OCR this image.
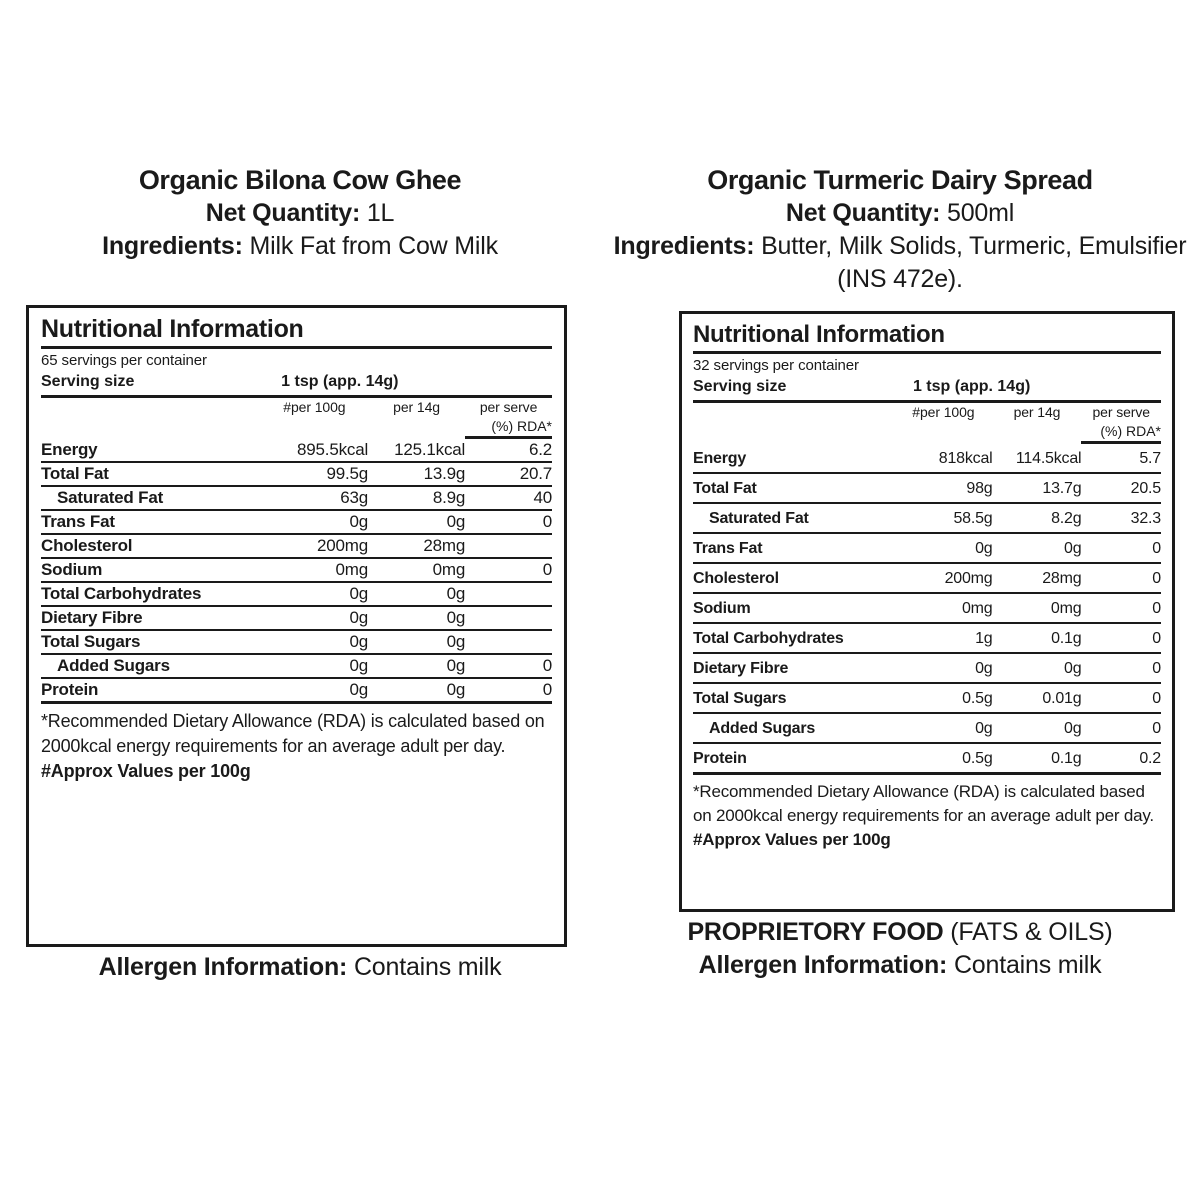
Organic Bilona Cow Ghee
Net Quantity: 1L
Ingredients: Milk Fat from Cow Milk
Nutritional Information
65 servings per container
Serving size	1 tsp (app. 14g)
	#per 100g	per 14g	per serve
			(%) RDA*
Energy	895.5kcal	125.1kcal	6.2
Total Fat	99.5g	13.9g	20.7
Saturated Fat	63g	8.9g	40
Trans Fat	0g	0g	0
Cholesterol	200mg	28mg	
Sodium	0mg	0mg	0
Total Carbohydrates	0g	0g	
Dietary Fibre	0g	0g	
Total Sugars	0g	0g	
Added Sugars	0g	0g	0
Protein	0g	0g	0
*Recommended Dietary Allowance (RDA) is calculated based on 2000kcal energy requirements for an average adult per day.
#Approx Values per 100g
Allergen Information: Contains milk
Organic Turmeric Dairy Spread
Net Quantity: 500ml
Ingredients: Butter, Milk Solids, Turmeric, Emulsifier (INS 472e).
Nutritional Information
32 servings per container
Serving size	1 tsp (app. 14g)
	#per 100g	per 14g	per serve
			(%) RDA*
Energy	818kcal	114.5kcal	5.7
Total Fat	98g	13.7g	20.5
Saturated Fat	58.5g	8.2g	32.3
Trans Fat	0g	0g	0
Cholesterol	200mg	28mg	0
Sodium	0mg	0mg	0
Total Carbohydrates	1g	0.1g	0
Dietary Fibre	0g	0g	0
Total Sugars	0.5g	0.01g	0
Added Sugars	0g	0g	0
Protein	0.5g	0.1g	0.2
*Recommended Dietary Allowance (RDA) is calculated based on 2000kcal energy requirements for an average adult per day.
#Approx Values per 100g
PROPRIETORY FOOD (FATS & OILS)
Allergen Information: Contains milk
